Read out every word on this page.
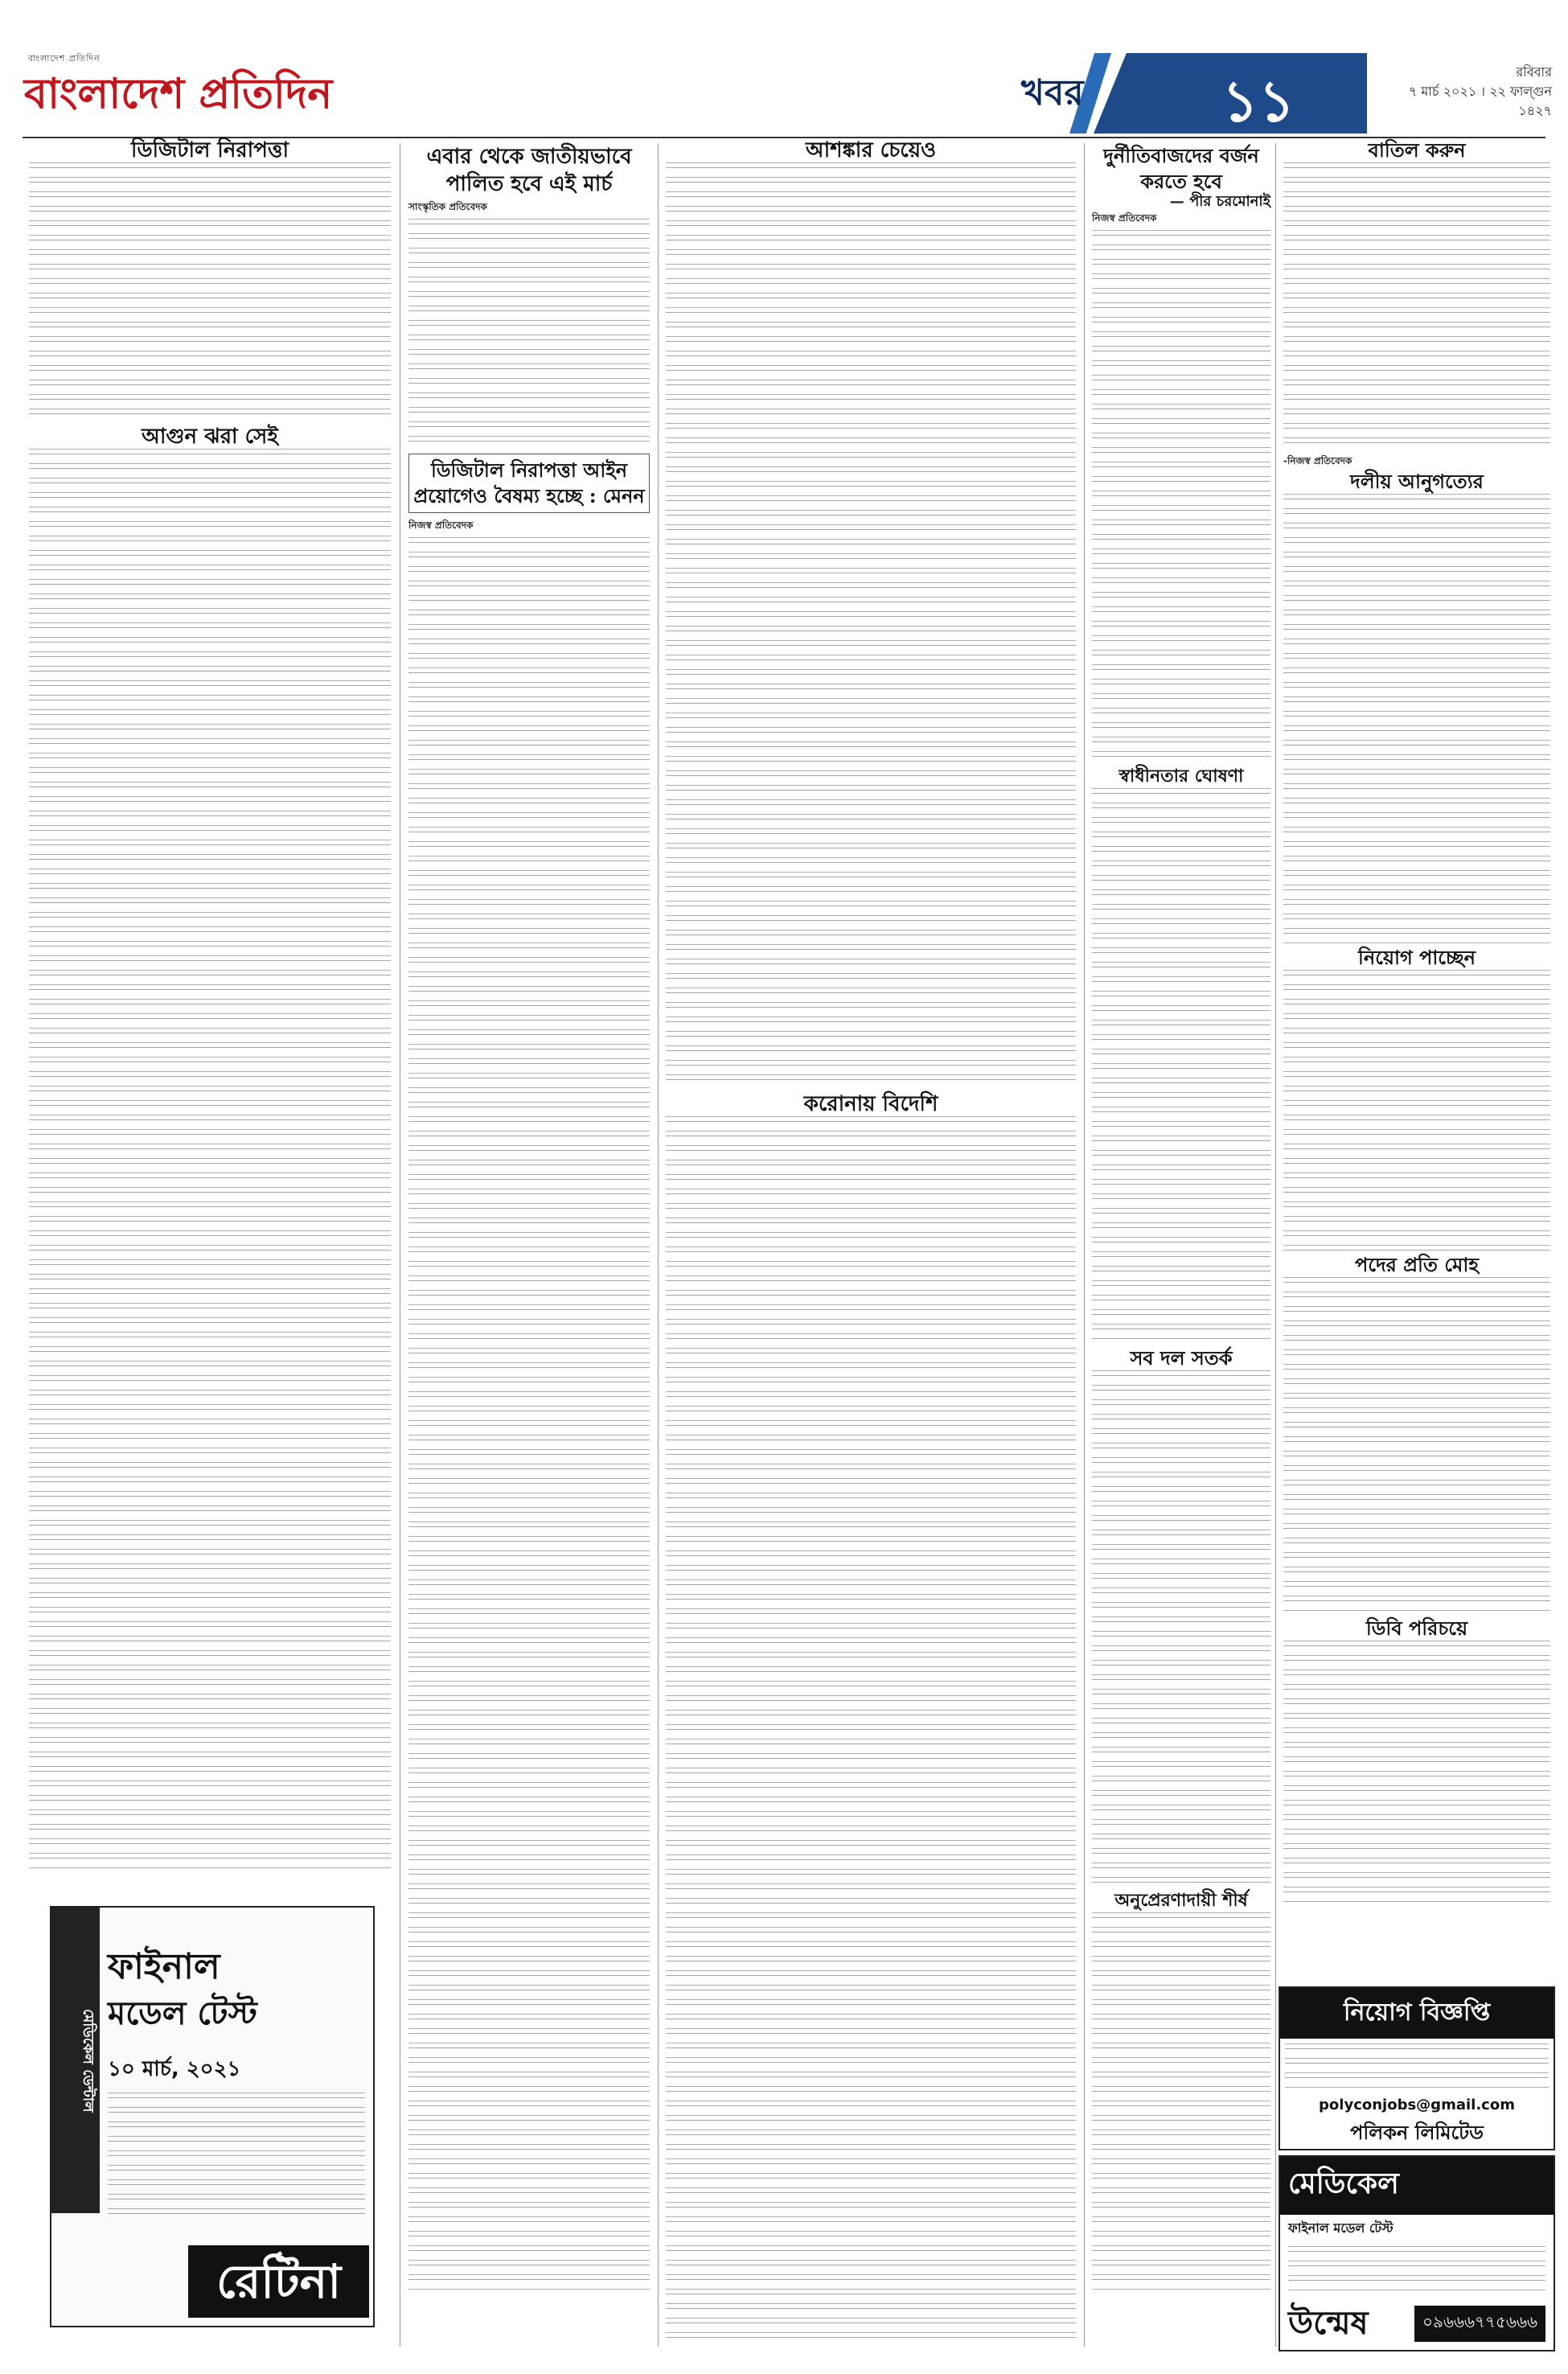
বাংলাদেশ প্রতিদিন
বাংলাদেশ প্রতিদিন	খবর	১১	রবিবার
৭ মার্চ ২০২১ । ২২ ফাল্গুন ১৪২৭
ডিজিটাল নিরাপত্তা
আগুন ঝরা সেই
এবার থেকে জাতীয়ভাবে পালিত হবে এই মার্চ
সাংস্কৃতিক প্রতিবেদক
ডিজিটাল নিরাপত্তা আইন প্রয়োগেও বৈষম্য হচ্ছে : মেনন
নিজস্ব প্রতিবেদক
আশঙ্কার চেয়েও
করোনায় বিদেশি
দুর্নীতিবাজদের বর্জন করতে হবে
— পীর চরমোনাই
নিজস্ব প্রতিবেদক
স্বাধীনতার ঘোষণা
সব দল সতর্ক
অনুপ্রেরণাদায়ী শীর্ষ
বাতিল করুন
-নিজস্ব প্রতিবেদক
দলীয় আনুগত্যের
নিয়োগ পাচ্ছেন
পদের প্রতি মোহ
ডিবি পরিচয়ে
মেডিকেল ডেন্টাল
ফাইনাল
মডেল টেস্ট
১০ মার্চ, ২০২১
রেটিনা
নিয়োগ বিজ্ঞপ্তি
polyconjobs@gmail.com
পলিকন লিমিটেড
মেডিকেল
ফাইনাল মডেল টেস্ট
উন্মেষ	০৯৬৬৬৭৭৫৬৬৬
